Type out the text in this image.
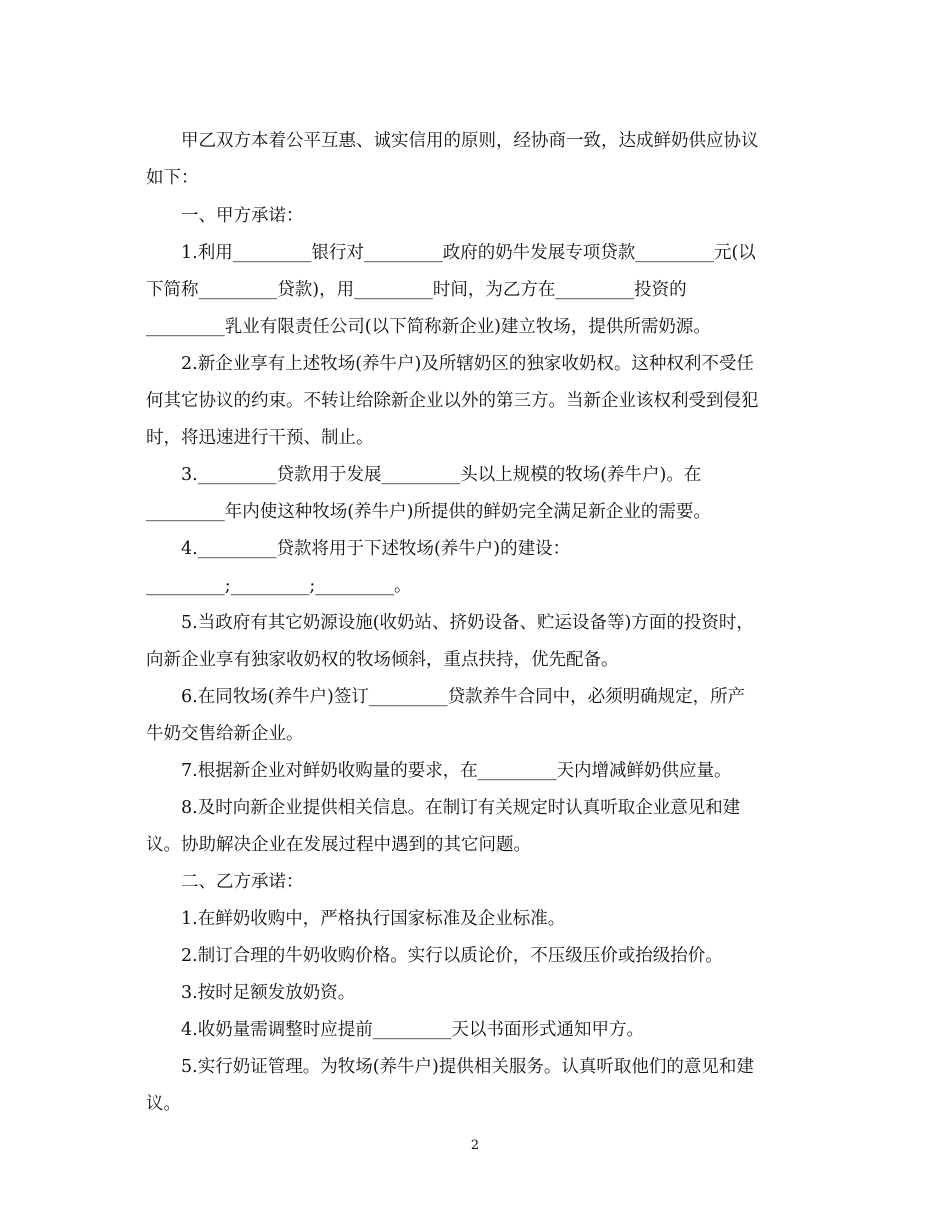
甲乙双方本着公平互惠、诚实信用的原则，经协商一致，达成鲜奶供应协议

如下：

一、甲方承诺：

1.利用_________银行对_________政府的奶牛发展专项贷款_________元(以

下简称_________贷款)，用_________时间，为乙方在_________投资的

_________乳业有限责任公司(以下简称新企业)建立牧场，提供所需奶源。

2.新企业享有上述牧场(养牛户)及所辖奶区的独家收奶权。这种权利不受任

何其它协议的约束。不转让给除新企业以外的第三方。当新企业该权利受到侵犯

时，将迅速进行干预、制止。

3._________贷款用于发展_________头以上规模的牧场(养牛户)。在

_________年内使这种牧场(养牛户)所提供的鲜奶完全满足新企业的需要。

4._________贷款将用于下述牧场(养牛户)的建设：

_________;_________;_________。

5.当政府有其它奶源设施(收奶站、挤奶设备、贮运设备等)方面的投资时，

向新企业享有独家收奶权的牧场倾斜，重点扶持，优先配备。

6.在同牧场(养牛户)签订_________贷款养牛合同中，必须明确规定，所产

牛奶交售给新企业。

7.根据新企业对鲜奶收购量的要求，在_________天内增减鲜奶供应量。

8.及时向新企业提供相关信息。在制订有关规定时认真听取企业意见和建

议。协助解决企业在发展过程中遇到的其它问题。

二、乙方承诺：

1.在鲜奶收购中，严格执行国家标准及企业标准。

2.制订合理的牛奶收购价格。实行以质论价，不压级压价或抬级抬价。

3.按时足额发放奶资。

4.收奶量需调整时应提前_________天以书面形式通知甲方。

5.实行奶证管理。为牧场(养牛户)提供相关服务。认真听取他们的意见和建

议。

2
